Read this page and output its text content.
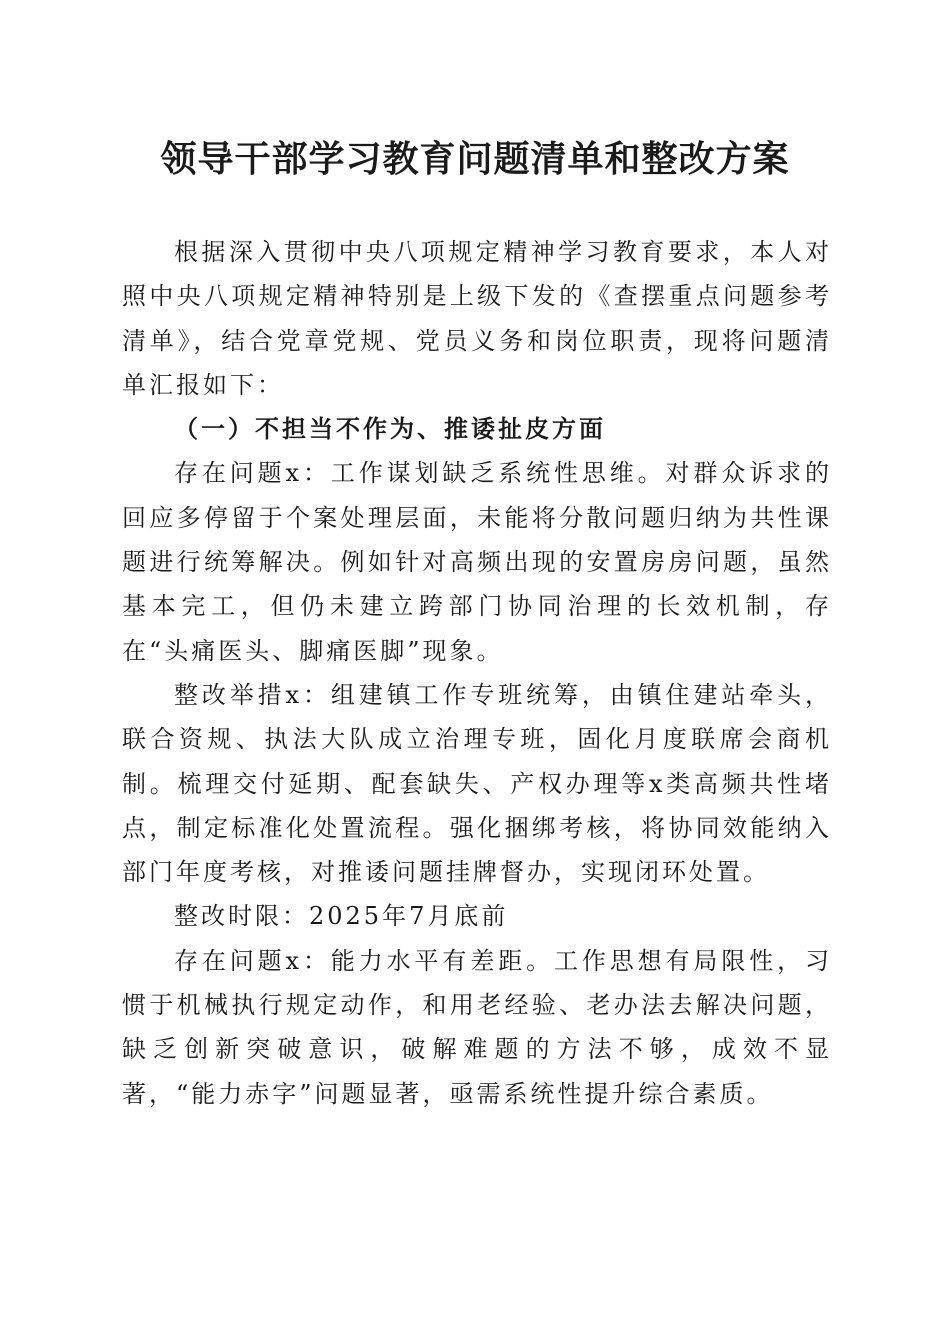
领导干部学习教育问题清单和整改方案

根据深入贯彻中央八项规定精神学习教育要求，本人对照中央八项规定精神特别是上级下发的《查摆重点问题参考清单》，结合党章党规、党员义务和岗位职责，现将问题清单汇报如下：

（一）不担当不作为、推诿扯皮方面

存在问题x：工作谋划缺乏系统性思维。对群众诉求的回应多停留于个案处理层面，未能将分散问题归纳为共性课题进行统筹解决。例如针对高频出现的安置房房问题，虽然基本完工，但仍未建立跨部门协同治理的长效机制，存在“头痛医头、脚痛医脚”现象。

整改举措x：组建镇工作专班统筹，由镇住建站牵头，联合资规、执法大队成立治理专班，固化月度联席会商机制。梳理交付延期、配套缺失、产权办理等x类高频共性堵点，制定标准化处置流程。强化捆绑考核，将协同效能纳入部门年度考核，对推诿问题挂牌督办，实现闭环处置。

整改时限：2025年7月底前

存在问题x：能力水平有差距。工作思想有局限性，习惯于机械执行规定动作，和用老经验、老办法去解决问题，缺乏创新突破意识，破解难题的方法不够，成效不显著，“能力赤字”问题显著，亟需系统性提升综合素质。
